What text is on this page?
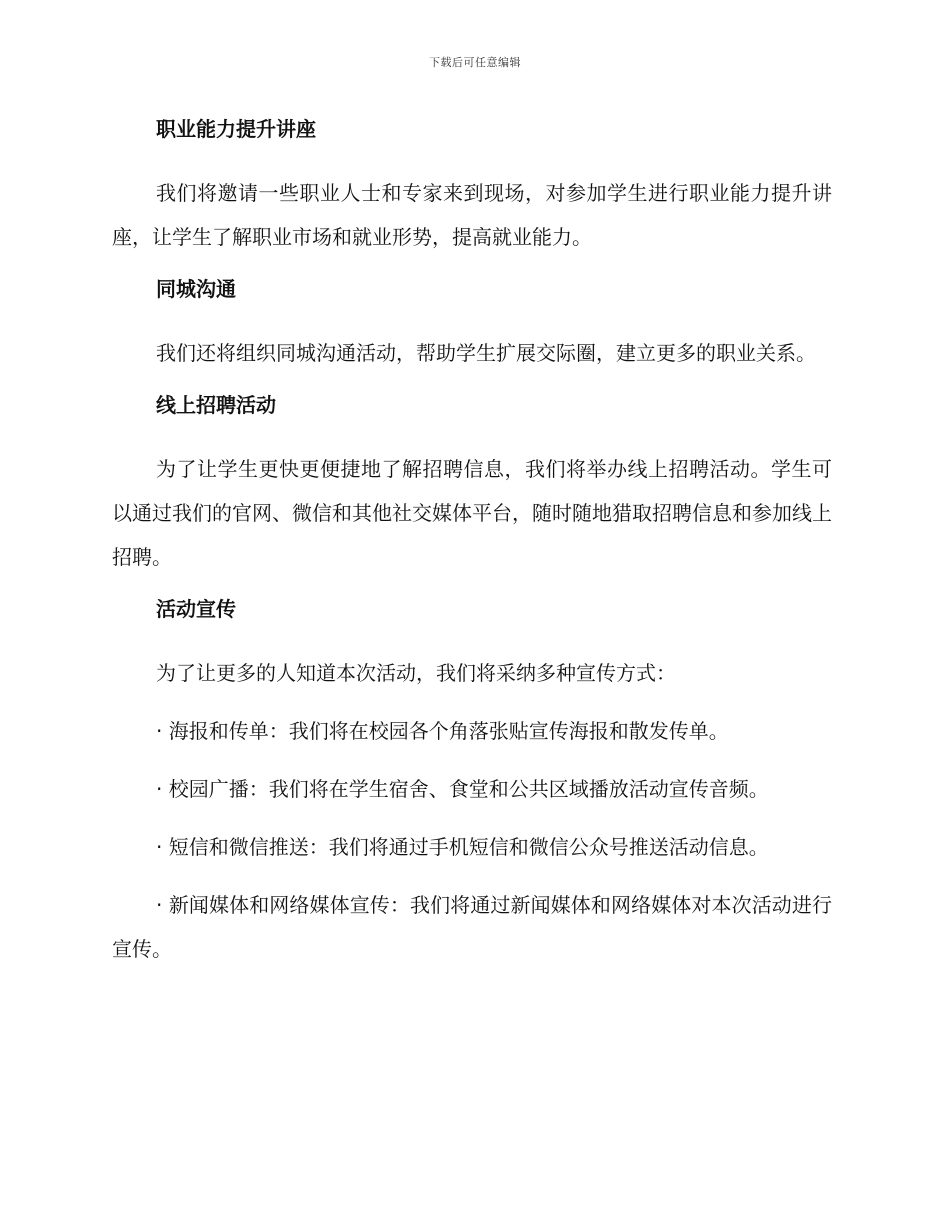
下载后可任意编辑
职业能力提升讲座

我们将邀请一些职业人士和专家来到现场，对参加学生进行职业能力提升讲座，让学生了解职业市场和就业形势，提高就业能力。

同城沟通

我们还将组织同城沟通活动，帮助学生扩展交际圈，建立更多的职业关系。

线上招聘活动

为了让学生更快更便捷地了解招聘信息，我们将举办线上招聘活动。学生可以通过我们的官网、微信和其他社交媒体平台，随时随地猎取招聘信息和参加线上招聘。

活动宣传

为了让更多的人知道本次活动，我们将采纳多种宣传方式：

· 海报和传单：我们将在校园各个角落张贴宣传海报和散发传单。

· 校园广播：我们将在学生宿舍、食堂和公共区域播放活动宣传音频。

· 短信和微信推送：我们将通过手机短信和微信公众号推送活动信息。

· 新闻媒体和网络媒体宣传：我们将通过新闻媒体和网络媒体对本次活动进行宣传。
